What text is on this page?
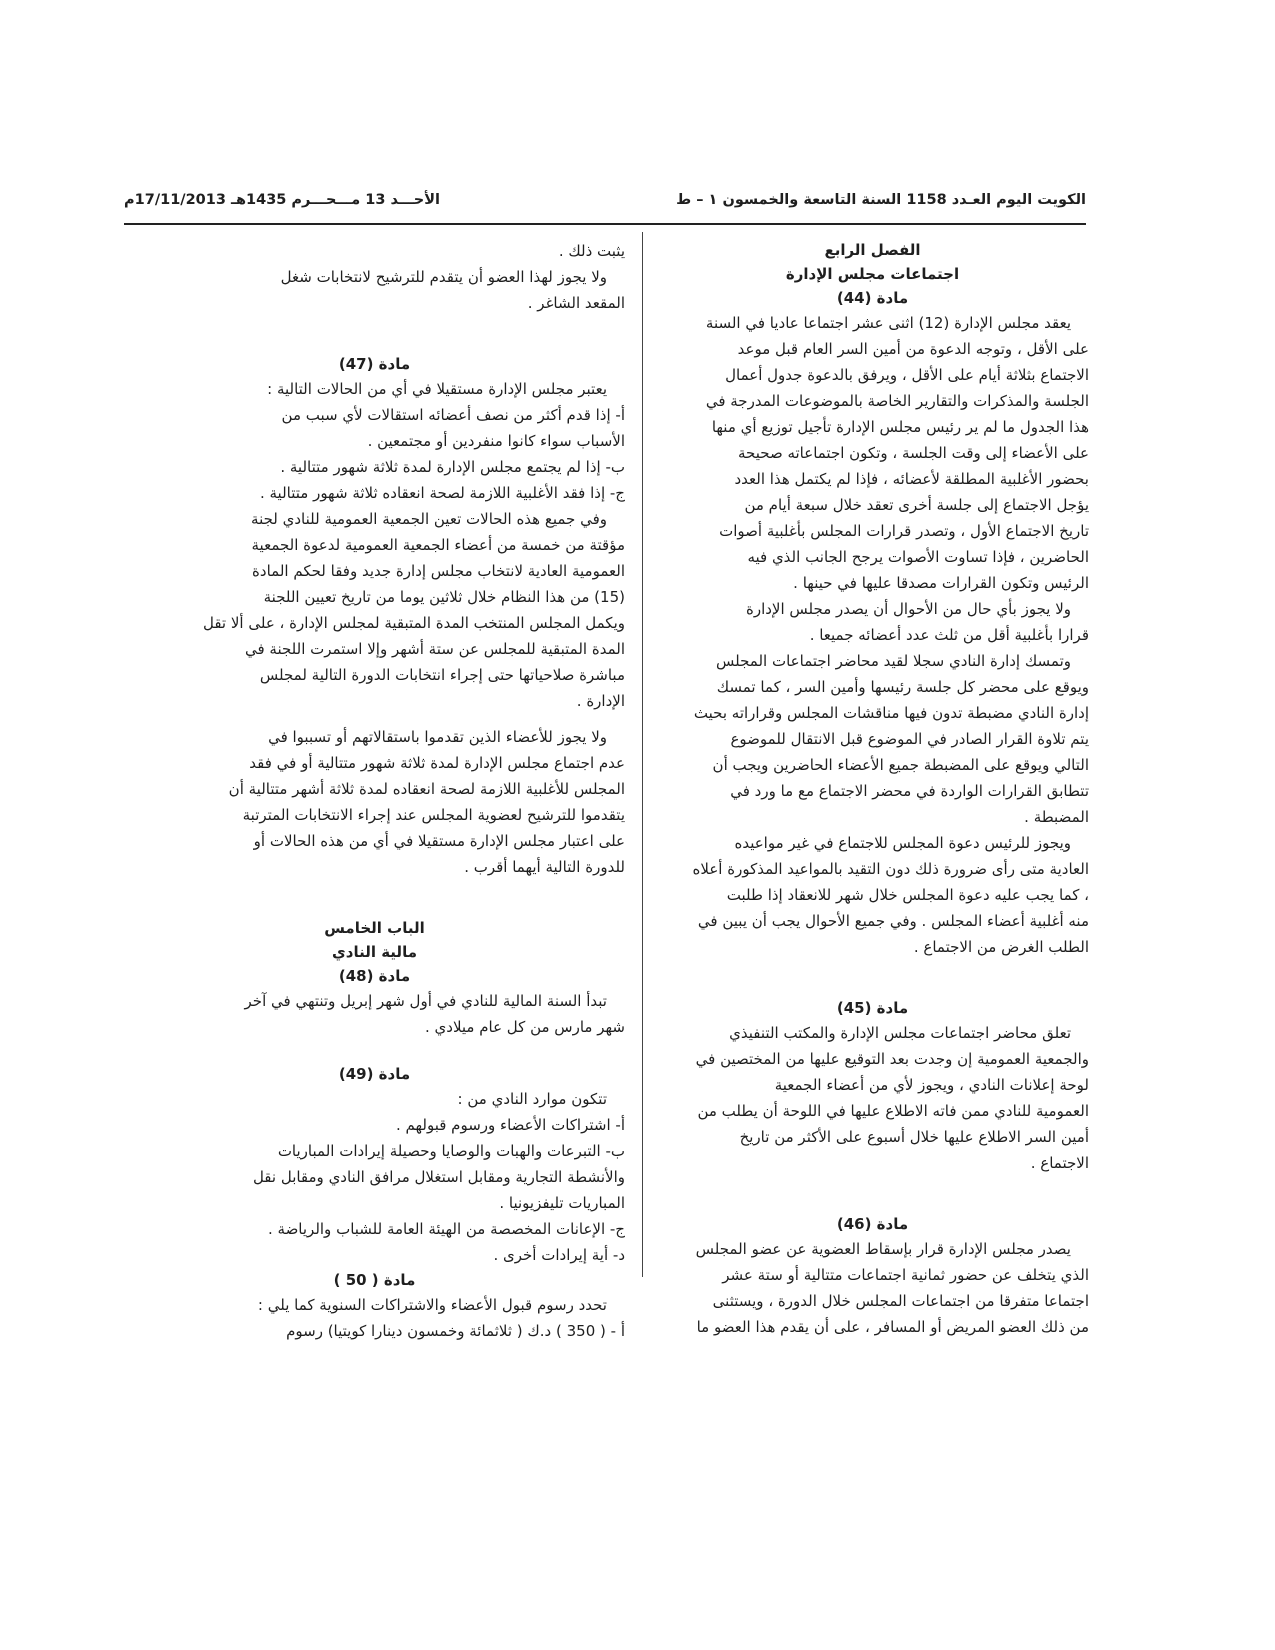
الكويت اليوم العـدد 1158 السنة التاسعة والخمسون ١ – ط
الأحـــد 13 مـــحـــرم 1435هـ 17/11/2013م
الفصل الرابع
اجتماعات مجلس الإدارة
مادة (44)
يعقد مجلس الإدارة (12) اثنى عشر اجتماعا عاديا في السنة
على الأقل ، وتوجه الدعوة من أمين السر العام قبل موعد
الاجتماع بثلاثة أيام على الأقل ، ويرفق بالدعوة جدول أعمال
الجلسة والمذكرات والتقارير الخاصة بالموضوعات المدرجة في
هذا الجدول ما لم ير رئيس مجلس الإدارة تأجيل توزيع أي منها
على الأعضاء إلى وقت الجلسة ، وتكون اجتماعاته صحيحة
بحضور الأغلبية المطلقة لأعضائه ، فإذا لم يكتمل هذا العدد
يؤجل الاجتماع إلى جلسة أخرى تعقد خلال سبعة أيام من
تاريخ الاجتماع الأول ، وتصدر قرارات المجلس بأغلبية أصوات
الحاضرين ، فإذا تساوت الأصوات يرجح الجانب الذي فيه
الرئيس وتكون القرارات مصدقا عليها في حينها .
ولا يجوز بأي حال من الأحوال أن يصدر مجلس الإدارة
قرارا بأغلبية أقل من ثلث عدد أعضائه جميعا .
وتمسك إدارة النادي سجلا لقيد محاضر اجتماعات المجلس
ويوقع على محضر كل جلسة رئيسها وأمين السر ، كما تمسك
إدارة النادي مضبطة تدون فيها مناقشات المجلس وقراراته بحيث
يتم تلاوة القرار الصادر في الموضوع قبل الانتقال للموضوع
التالي ويوقع على المضبطة جميع الأعضاء الحاضرين ويجب أن
تتطابق القرارات الواردة في محضر الاجتماع مع ما ورد في
المضبطة .
ويجوز للرئيس دعوة المجلس للاجتماع في غير مواعيده
العادية متى رأى ضرورة ذلك دون التقيد بالمواعيد المذكورة أعلاه
، كما يجب عليه دعوة المجلس خلال شهر للانعقاد إذا طلبت
منه أغلبية أعضاء المجلس . وفي جميع الأحوال يجب أن يبين في
الطلب الغرض من الاجتماع .
مادة (45)
تعلق محاضر اجتماعات مجلس الإدارة والمكتب التنفيذي
والجمعية العمومية إن وجدت بعد التوقيع عليها من المختصين في
لوحة إعلانات النادي ، ويجوز لأي من أعضاء الجمعية
العمومية للنادي ممن فاته الاطلاع عليها في اللوحة أن يطلب من
أمين السر الاطلاع عليها خلال أسبوع على الأكثر من تاريخ
الاجتماع .
مادة (46)
يصدر مجلس الإدارة قرار بإسقاط العضوية عن عضو المجلس
الذي يتخلف عن حضور ثمانية اجتماعات متتالية أو ستة عشر
اجتماعا متفرقا من اجتماعات المجلس خلال الدورة ، ويستثنى
من ذلك العضو المريض أو المسافر ، على أن يقدم هذا العضو ما
يثبت ذلك .
ولا يجوز لهذا العضو أن يتقدم للترشيح لانتخابات شغل
المقعد الشاغر .
مادة (47)
يعتبر مجلس الإدارة مستقيلا في أي من الحالات التالية :
أ- إذا قدم أكثر من نصف أعضائه استقالات لأي سبب من
الأسباب سواء كانوا منفردين أو مجتمعين .
ب- إذا لم يجتمع مجلس الإدارة لمدة ثلاثة شهور متتالية .
ج- إذا فقد الأغلبية اللازمة لصحة انعقاده ثلاثة شهور متتالية .
وفي جميع هذه الحالات تعين الجمعية العمومية للنادي لجنة
مؤقتة من خمسة من أعضاء الجمعية العمومية لدعوة الجمعية
العمومية العادية لانتخاب مجلس إدارة جديد وفقا لحكم المادة
(15) من هذا النظام خلال ثلاثين يوما من تاريخ تعيين اللجنة
ويكمل المجلس المنتخب المدة المتبقية لمجلس الإدارة ، على ألا تقل
المدة المتبقية للمجلس عن ستة أشهر وإلا استمرت اللجنة في
مباشرة صلاحياتها حتى إجراء انتخابات الدورة التالية لمجلس
الإدارة .
ولا يجوز للأعضاء الذين تقدموا باستقالاتهم أو تسببوا في
عدم اجتماع مجلس الإدارة لمدة ثلاثة شهور متتالية أو في فقد
المجلس للأغلبية اللازمة لصحة انعقاده لمدة ثلاثة أشهر متتالية أن
يتقدموا للترشيح لعضوية المجلس عند إجراء الانتخابات المترتبة
على اعتبار مجلس الإدارة مستقيلا في أي من هذه الحالات أو
للدورة التالية أيهما أقرب .
الباب الخامس
مالية النادي
مادة (48)
تبدأ السنة المالية للنادي في أول شهر إبريل وتنتهي في آخر
شهر مارس من كل عام ميلادي .
مادة (49)
تتكون موارد النادي من :
أ- اشتراكات الأعضاء ورسوم قبولهم .
ب- التبرعات والهبات والوصايا وحصيلة إيرادات المباريات
والأنشطة التجارية ومقابل استغلال مرافق النادي ومقابل نقل
المباريات تليفزيونيا .
ج- الإعانات المخصصة من الهيئة العامة للشباب والرياضة .
د- أية إيرادات أخرى .
مادة ( 50 )
تحدد رسوم قبول الأعضاء والاشتراكات السنوية كما يلي :
أ - ( 350 ) د.ك ( ثلاثمائة وخمسون دينارا كويتيا) رسوم
